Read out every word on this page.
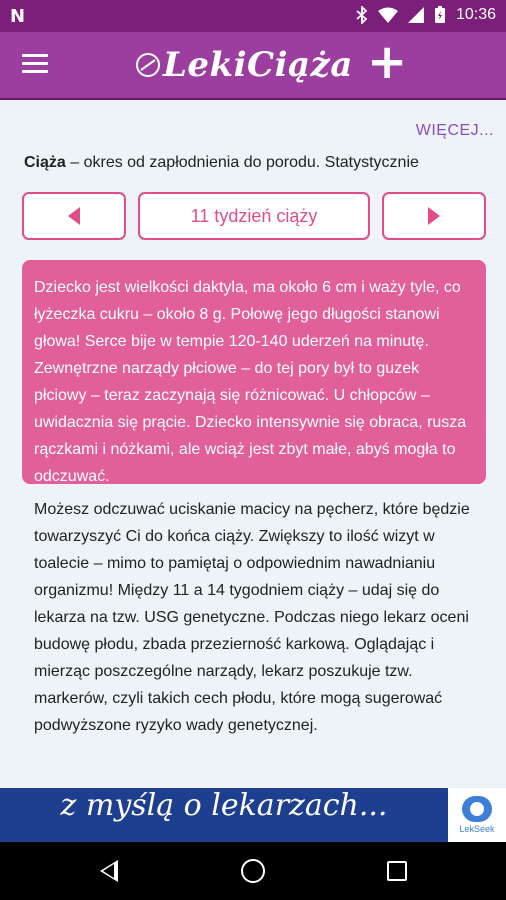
N	10:36
LekiCiąża +
WIĘCEJ...
Ciąża – okres od zapłodnienia do porodu. Statystycznie
11 tydzień ciąży
Dziecko jest wielkości daktyla, ma około 6 cm i waży tyle, co łyżeczka cukru – około 8 g. Połowę jego długości stanowi głowa! Serce bije w tempie 120-140 uderzeń na minutę. Zewnętrzne narządy płciowe – do tej pory był to guzek płciowy – teraz zaczynają się różnicować. U chłopców – uwidacznia się prącie. Dziecko intensywnie się obraca, rusza rączkami i nóżkami, ale wciąż jest zbyt małe, abyś mogła to odczuwać.
Możesz odczuwać uciskanie macicy na pęcherz, które będzie towarzyszyć Ci do końca ciąży. Zwiększy to ilość wizyt w toalecie – mimo to pamiętaj o odpowiednim nawadnianiu organizmu! Między 11 a 14 tygodniem ciąży – udaj się do lekarza na tzw. USG genetyczne. Podczas niego lekarz oceni budowę płodu, zbada przezierność karkową. Oglądając i mierząc poszczególne narządy, lekarz poszukuje tzw. markerów, czyli takich cech płodu, które mogą sugerować podwyższone ryzyko wady genetycznej.
z myślą o lekarzach...
LekSeek
